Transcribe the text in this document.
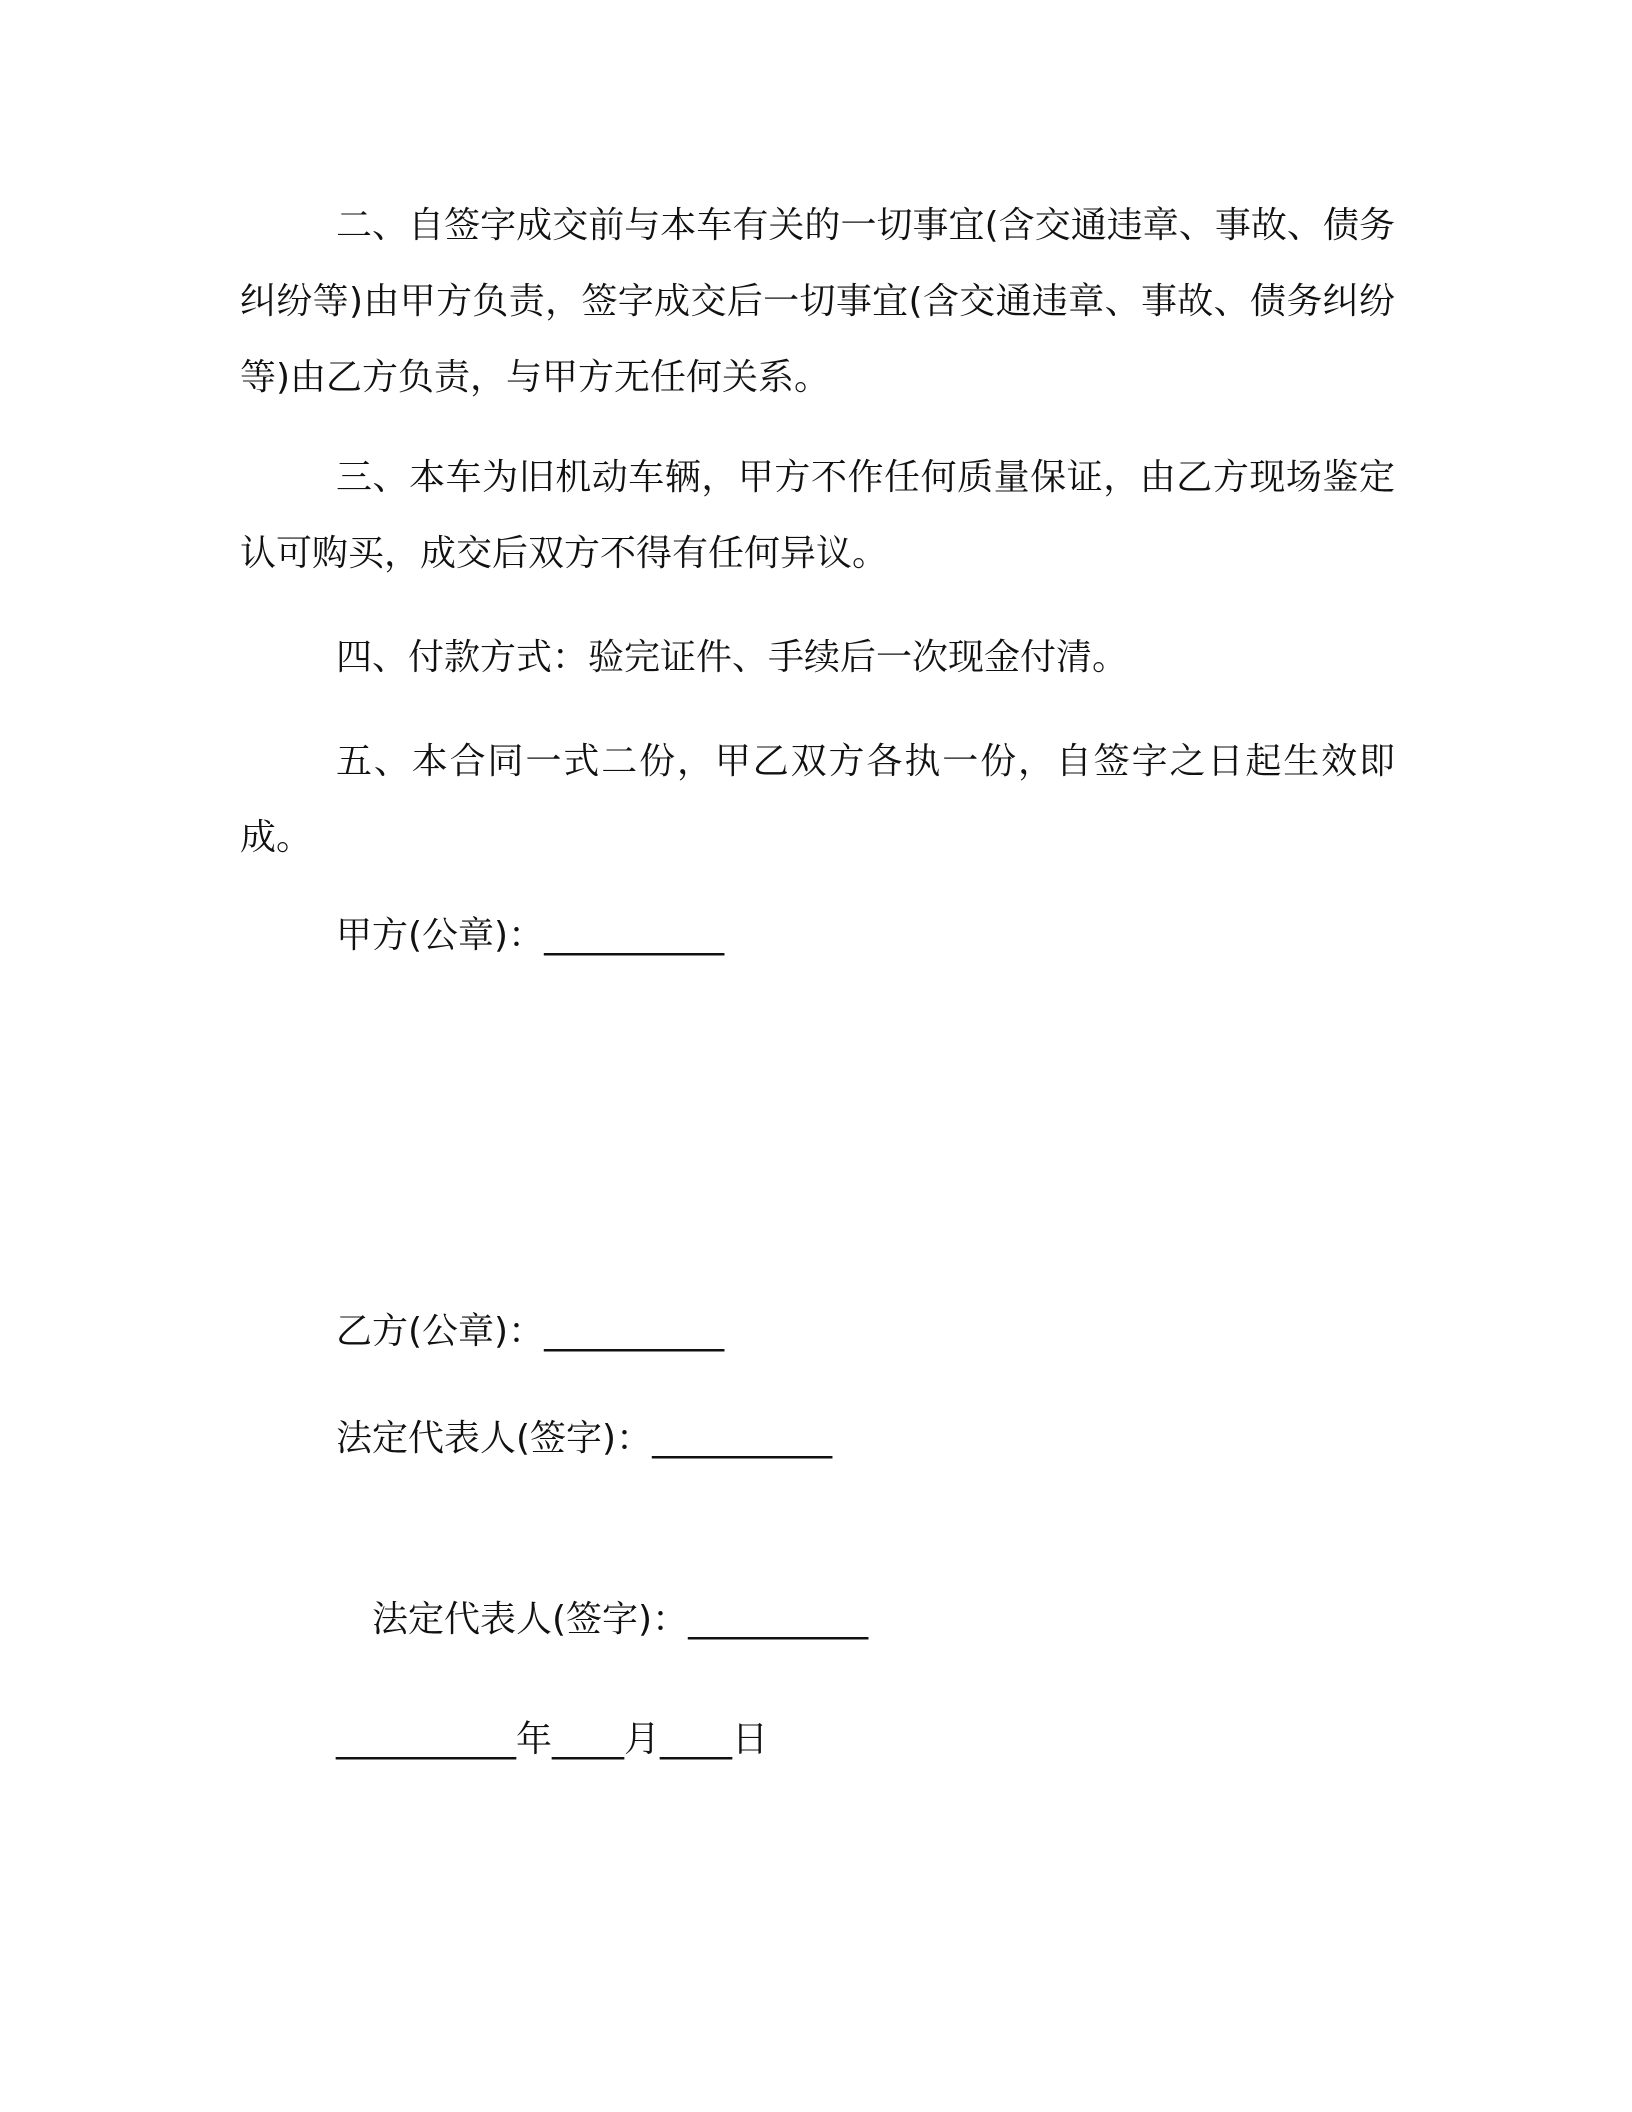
二、自签字成交前与本车有关的一切事宜(含交通违章、事故、债务纠纷等)由甲方负责，签字成交后一切事宜(含交通违章、事故、债务纠纷等)由乙方负责，与甲方无任何关系。

三、本车为旧机动车辆，甲方不作任何质量保证，由乙方现场鉴定认可购买，成交后双方不得有任何异议。

四、付款方式：验完证件、手续后一次现金付清。

五、本合同一式二份，甲乙双方各执一份，自签字之日起生效即成。

甲方(公章)：__________

乙方(公章)：__________

法定代表人(签字)：__________

法定代表人(签字)：__________

__________年____月____日
